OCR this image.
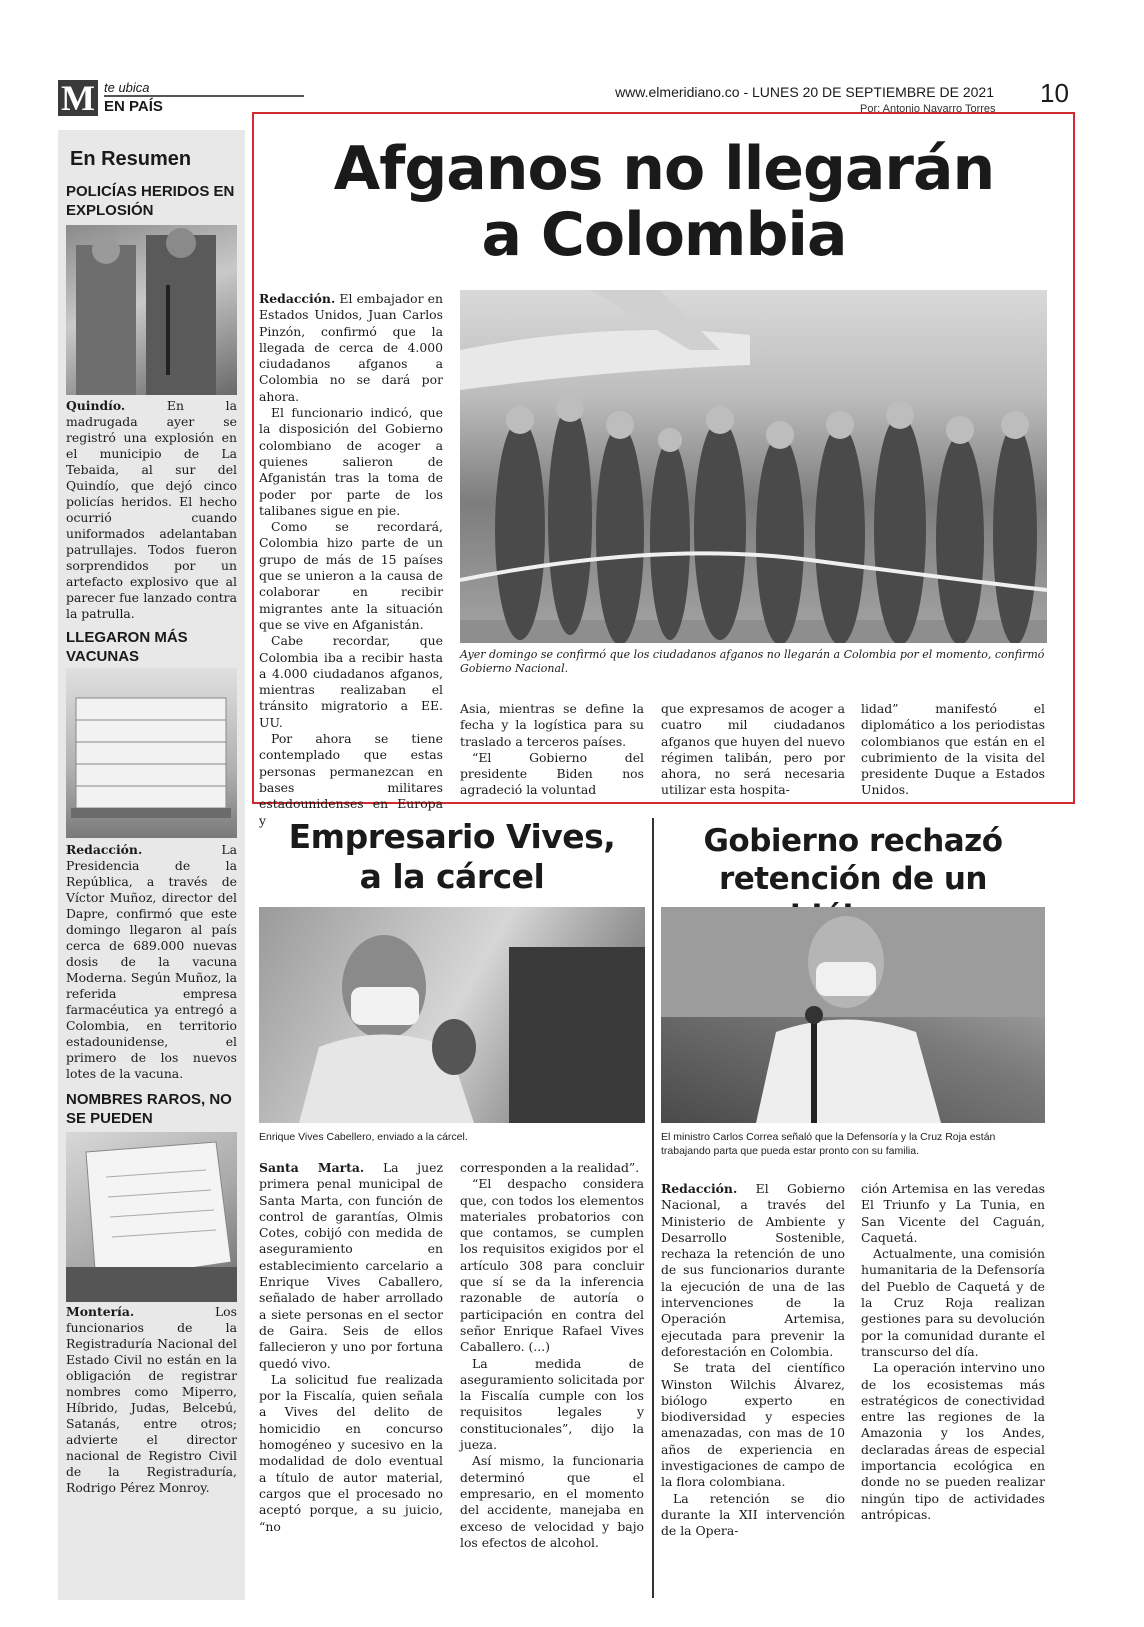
M te ubica
EN PAÍS
www.elmeridiano.co - LUNES 20 DE SEPTIEMBRE DE 2021 10
Por: Antonio Navarro Torres
En Resumen
POLICÍAS HERIDOS EN EXPLOSIÓN
Quindío. En la madrugada ayer se registró una explosión en el municipio de La Tebaida, al sur del Quindío, que dejó cinco policías heridos. El hecho ocurrió cuando uniformados adelantaban patrullajes. Todos fueron sorprendidos por un artefacto explosivo que al parecer fue lanzado contra la patrulla.
LLEGARON MÁS VACUNAS
Redacción. La Presidencia de la República, a través de Víctor Muñoz, director del Dapre, confirmó que este domingo llegaron al país cerca de 689.000 nuevas dosis de la vacuna Moderna. Según Muñoz, la referida empresa farmacéutica ya entregó a Colombia, en territorio estadounidense, el primero de los nuevos lotes de la vacuna.
NOMBRES RAROS, NO SE PUEDEN
Montería. Los funcionarios de la Registraduría Nacional del Estado Civil no están en la obligación de registrar nombres como Miperro, Híbrido, Judas, Belcebú, Satanás, entre otros; advierte el director nacional de Registro Civil de la Registraduría, Rodrigo Pérez Monroy.
Afganos no llegarán
a Colombia

Redacción. El embajador en Estados Unidos, Juan Carlos Pinzón, confirmó que la llegada de cerca de 4.000 ciudadanos afganos a Colombia no se dará por ahora.

El funcionario indicó, que la disposición del Gobierno colombiano de acoger a quienes salieron de Afganistán tras la toma de poder por parte de los talibanes sigue en pie.

Como se recordará, Colombia hizo parte de un grupo de más de 15 países que se unieron a la causa de colaborar en recibir migrantes ante la situación que se vive en Afganistán.

Cabe recordar, que Colombia iba a recibir hasta a 4.000 ciudadanos afganos, mientras realizaban el tránsito migratorio a EE. UU.

Por ahora se tiene contemplado que estas personas permanezcan en bases militares estadounidenses en Europa y

Ayer domingo se confirmó que los ciudadanos afganos no llegarán a Colombia por el momento, confirmó Gobierno Nacional.

Asia, mientras se define la fecha y la logística para su traslado a terceros países.

“El Gobierno del presidente Biden nos agradeció la voluntad

que expresamos de acoger a cuatro mil ciudadanos afganos que huyen del nuevo régimen talibán, pero por ahora, no será necesaria utilizar esta hospita-

lidad” manifestó el diplomático a los periodistas colombianos que están en el cubrimiento de la visita del presidente Duque a Estados Unidos.

Empresario Vives,
a la cárcel
Enrique Vives Cabellero, enviado a la cárcel.

Santa Marta. La juez primera penal municipal de Santa Marta, con función de control de garantías, Olmis Cotes, cobijó con medida de aseguramiento en establecimiento carcelario a Enrique Vives Caballero, señalado de haber arrollado a siete personas en el sector de Gaira. Seis de ellos fallecieron y uno por fortuna quedó vivo.

La solicitud fue realizada por la Fiscalía, quien señala a Vives del delito de homicidio en concurso homogéneo y sucesivo en la modalidad de dolo eventual a título de autor material, cargos que el procesado no aceptó porque, a su juicio, “no

corresponden a la realidad”.

“El despacho considera que, con todos los elementos materiales probatorios con que contamos, se cumplen los requisitos exigidos por el artículo 308 para concluir que sí se da la inferencia razonable de autoría o participación en contra del señor Enrique Rafael Vives Caballero. (...)

La medida de aseguramiento solicitada por la Fiscalía cumple con los requisitos legales y constitucionales”, dijo la jueza.

Así mismo, la funcionaria determinó que el empresario, en el momento del accidente, manejaba en exceso de velocidad y bajo los efectos de alcohol.

Gobierno rechazó
retención de un
El ministro Carlos Correa señaló que la Defensoría y la Cruz Roja están trabajando parta que pueda estar pronto con su familia.

Redacción. El Gobierno Nacional, a través del Ministerio de Ambiente y Desarrollo Sostenible, rechaza la retención de uno de sus funcionarios durante la ejecución de una de las intervenciones de la Operación Artemisa, ejecutada para prevenir la deforestación en Colombia.

Se trata del científico Winston Wilchis Álvarez, biólogo experto en biodiversidad y especies amenazadas, con mas de 10 años de experiencia en investigaciones de campo de la flora colombiana.

La retención se dio durante la XII intervención de la Opera-

ción Artemisa en las veredas El Triunfo y La Tunia, en San Vicente del Caguán, Caquetá.

Actualmente, una comisión humanitaria de la Defensoría del Pueblo de Caquetá y de la Cruz Roja realizan gestiones para su devolución por la comunidad durante el transcurso del día.

La operación intervino uno de los ecosistemas más estratégicos de conectividad entre las regiones de la Amazonia y los Andes, declaradas áreas de especial importancia ecológica en donde no se pueden realizar ningún tipo de actividades antrópicas.
